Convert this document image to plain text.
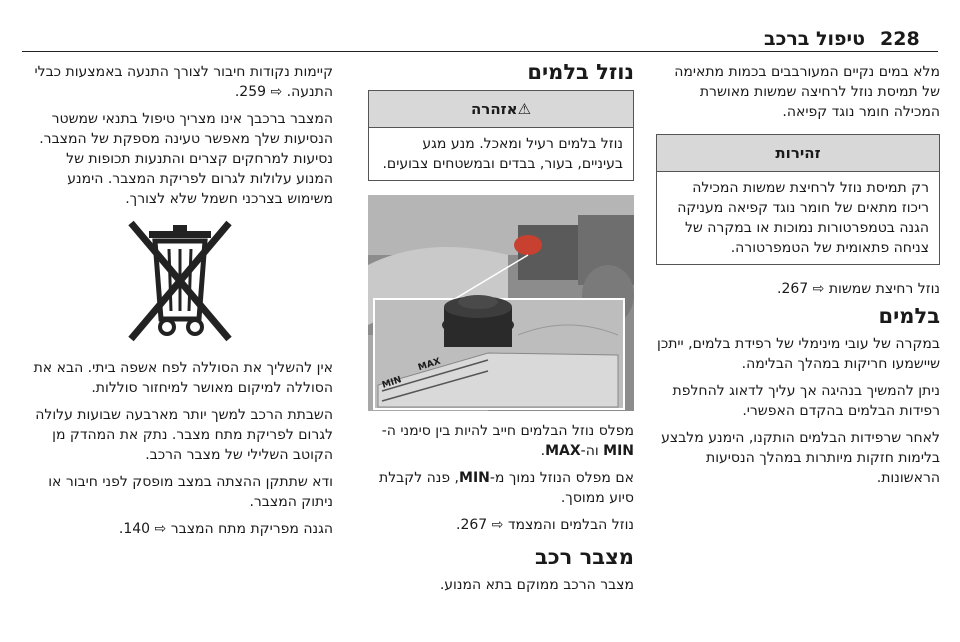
228
טיפול ברכב

מלא במים נקיים המעורבבים בכמות מתאימה של תמיסת נוזל לרחיצה שמשות מאושרת המכילה חומר נוגד קפיאה.

זהירות
רק תמיסת נוזל לרחיצת שמשות המכילה ריכוז מתאים של חומר נוגד קפיאה מעניקה הגנה בטמפרטורות נמוכות או במקרה של צניחה פתאומית של הטמפרטורה.

נוזל רחיצת שמשות ⇨ 267.

בלמים

במקרה של עובי מינימלי של רפידת בלמים, ייתכן שיישמעו חריקות במהלך הבלימה.

ניתן להמשיך בנהיגה אך עליך לדאוג להחלפת רפידות הבלמים בהקדם האפשרי.

לאחר שרפידות הבלמים הותקנו, הימנע מלבצע בלימות חזקות מיותרות במהלך הנסיעות הראשונות.

נוזל בלמים
⚠אזהרה
נוזל בלמים רעיל ומאכל. מנע מגע בעיניים, בעור, בבדים ובמשטחים צבועים.
MAX
MIN

מפלס נוזל הבלמים חייב להיות בין סימני ה-MIN וה-MAX.

אם מפלס הנוזל נמוך מ-MIN, פנה לקבלת סיוע ממוסך.

נוזל הבלמים והמצמד ⇨ 267.

מצבר רכב

מצבר הרכב ממוקם בתא המנוע.

קיימות נקודות חיבור לצורך התנעה באמצעות כבלי התנעה. ⇨ 259.

המצבר ברכבך אינו מצריך טיפול בתנאי שמשטר הנסיעות שלך מאפשר טעינה מספקת של המצבר. נסיעות למרחקים קצרים והתנעות תכופות של המנוע עלולות לגרום לפריקת המצבר. הימנע משימוש בצרכני חשמל שלא לצורך.

אין להשליך את הסוללה לפח אשפה ביתי. הבא את הסוללה למיקום מאושר למיחזור סוללות.

השבתת הרכב למשך יותר מארבעה שבועות עלולה לגרום לפריקת מתח מצבר. נתק את המהדק מן הקוטב השלילי של מצבר הרכב.

ודא שתתקן ההצתה במצב מופסק לפני חיבור או ניתוק המצבר.

הגנה מפריקת מתח המצבר ⇨ 140.
